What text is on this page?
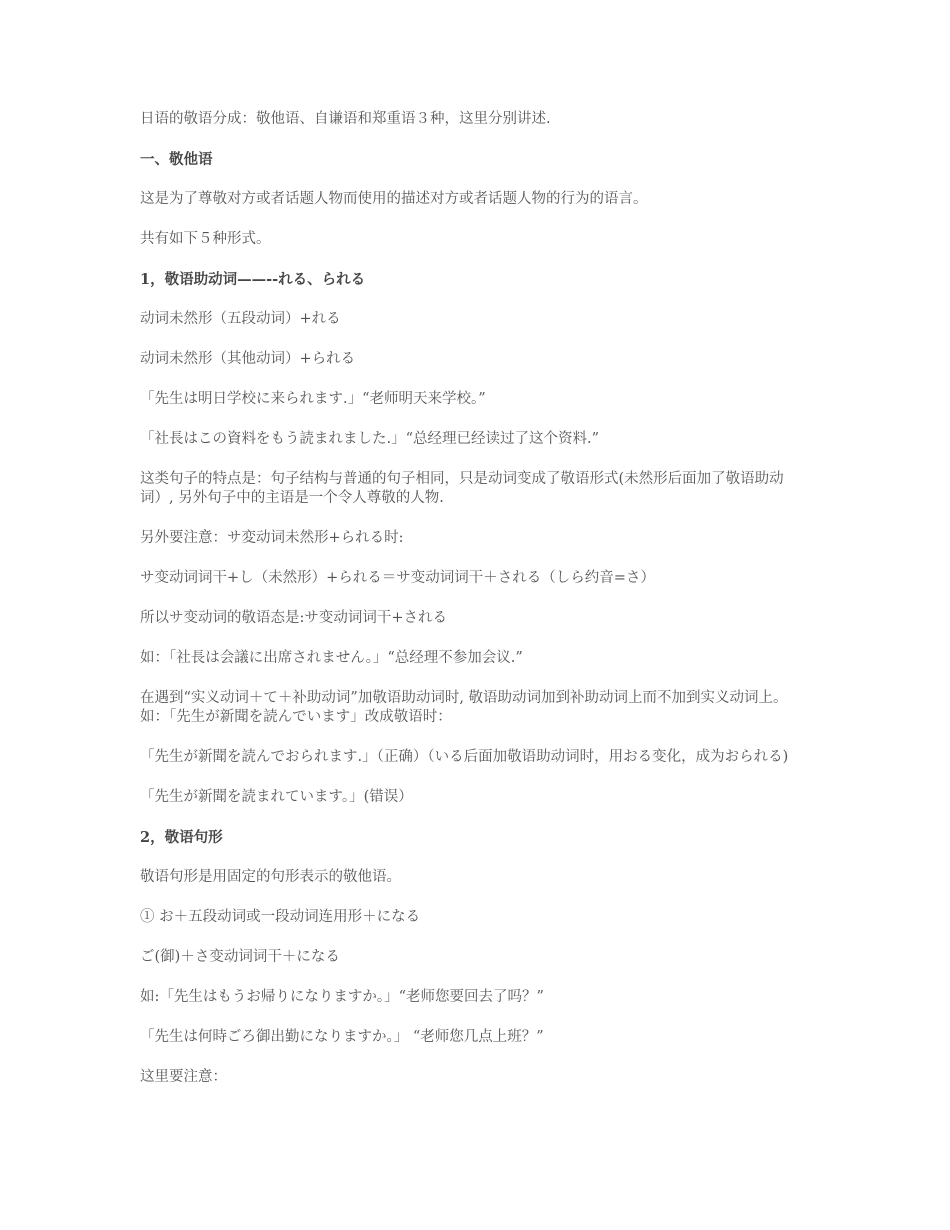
日语的敬语分成：敬他语、自谦语和郑重语３种，这里分别讲述.

一、敬他语

这是为了尊敬对方或者话题人物而使用的描述对方或者话题人物的行为的语言。

共有如下５种形式。

1，敬语助动词——--れる、られる

动词未然形（五段动词）+れる

动词未然形（其他动词）+られる

「先生は明日学校に来られます.」“老师明天来学校。”

「社長はこの資料をもう読まれました.」“总经理已经读过了这个资料.”

这类句子的特点是：句子结构与普通的句子相同，只是动词变成了敬语形式(未然形后面加了敬语助动词）, 另外句子中的主语是一个令人尊敬的人物.

另外要注意：サ変动词未然形+られる时:

サ变动词词干+し（未然形）+られる＝サ变动词词干＋される（しら约音=さ）

所以サ变动词的敬语态是:サ变动词词干+される

如：「社長は会議に出席されません。」“总经理不参加会议.”

在遇到“实义动词＋て＋补助动词”加敬语助动词时, 敬语助动词加到补助动词上而不加到实义动词上。如：「先生が新聞を読んでいます」改成敬语时：

「先生が新聞を読んでおられます.」（正确）（いる后面加敬语助动词时，用おる变化，成为おられる)

「先生が新聞を読まれています。」(错误）

2，敬语句形

敬语句形是用固定的句形表示的敬他语。

① お＋五段动词或一段动词连用形＋になる

ご(御)＋さ变动词词干＋になる

如:「先生はもうお帰りになりますか。」“老师您要回去了吗？”

「先生は何時ごろ御出勤になりますか。」 “老师您几点上班？”

这里要注意：
